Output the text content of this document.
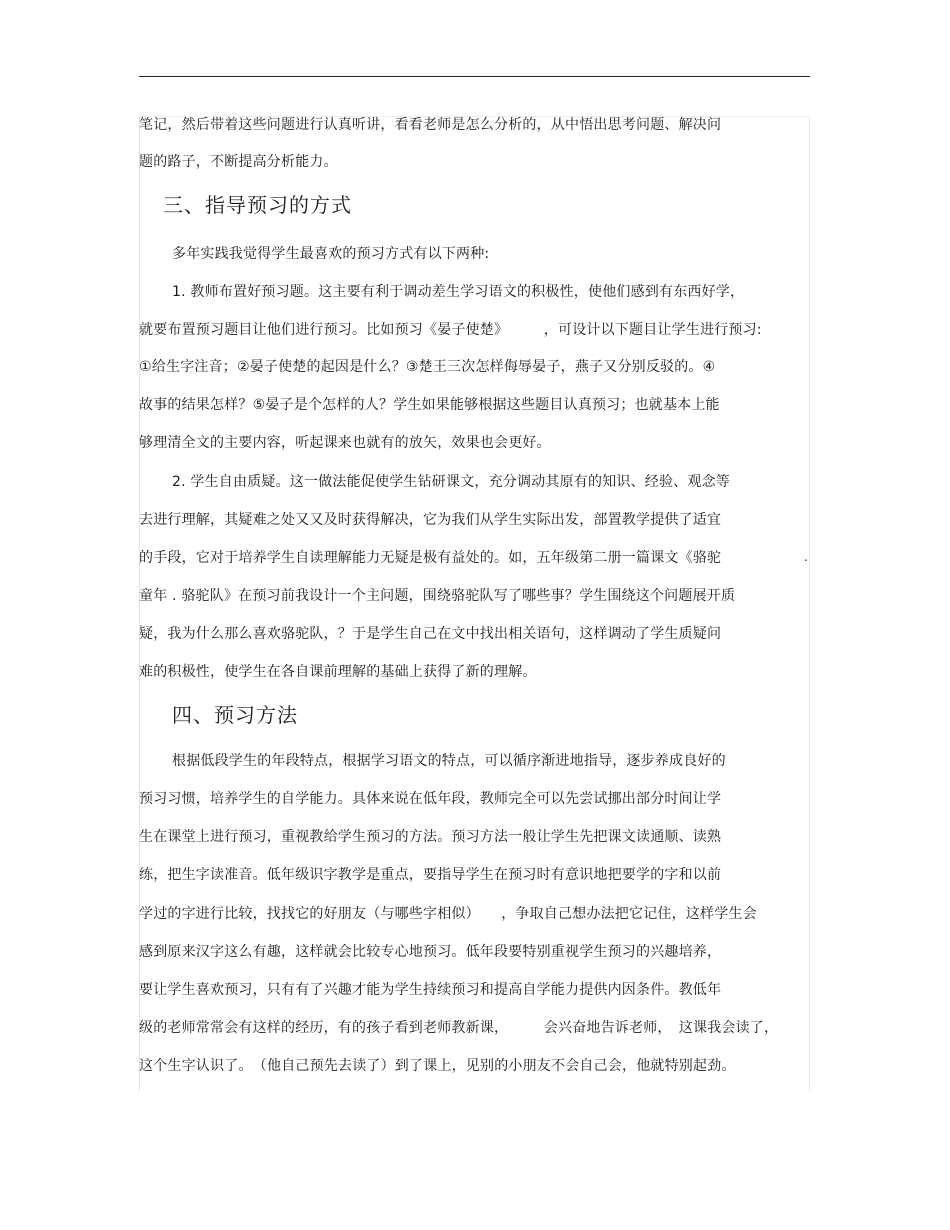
笔记，然后带着这些问题进行认真听讲，看看老师是怎么分析的，从中悟出思考问题、解决问
题的路子，不断提高分析能力。
三、指导预习的方式
多年实践我觉得学生最喜欢的预习方式有以下两种:
1. 教师布置好预习题。这主要有利于调动差生学习语文的积极性，使他们感到有东西好学，
就要布置预习题目让他们进行预习。比如预习《晏子使楚》　　　，可设计以下题目让学生进行预习:
①给生字注音；②晏子使楚的起因是什么？③楚王三次怎样侮辱晏子，燕子又分别反驳的。④
故事的结果怎样？⑤晏子是个怎样的人？学生如果能够根据这些题目认真预习；也就基本上能
够理清全文的主要内容，听起课来也就有的放矢，效果也会更好。
2. 学生自由质疑。这一做法能促使学生钻研课文，充分调动其原有的知识、经验、观念等
去进行理解，其疑难之处又又及时获得解决，它为我们从学生实际出发，部置教学提供了适宜
的手段，它对于培养学生自读理解能力无疑是极有益处的。如，五年级第二册一篇课文《骆驼	.
童年 . 骆驼队》在预习前我设计一个主问题，围绕骆驼队写了哪些事？学生围绕这个问题展开质
疑，我为什么那么喜欢骆驼队，？于是学生自己在文中找出相关语句，这样调动了学生质疑问
难的积极性，使学生在各自课前理解的基础上获得了新的理解。
四、预习方法
根据低段学生的年段特点，根据学习语文的特点，可以循序渐进地指导，逐步养成良好的
预习习惯，培养学生的自学能力。具体来说在低年段，教师完全可以先尝试挪出部分时间让学
生在课堂上进行预习，重视教给学生预习的方法。预习方法一般让学生先把课文读通顺、读熟
练，把生字读准音。低年级识字教学是重点，要指导学生在预习时有意识地把要学的字和以前
学过的字进行比较，找找它的好朋友（与哪些字相似）　　，争取自己想办法把它记住，这样学生会
感到原来汉字这么有趣，这样就会比较专心地预习。低年段要特别重视学生预习的兴趣培养，
要让学生喜欢预习，只有有了兴趣才能为学生持续预习和提高自学能力提供内因条件。教低年
级的老师常常会有这样的经历，有的孩子看到老师教新课，　　　会兴奋地告诉老师，　这课我会读了，
这个生字认识了。　（他自己预先去读了）到了课上，见别的小朋友不会自己会，他就特别起劲。
